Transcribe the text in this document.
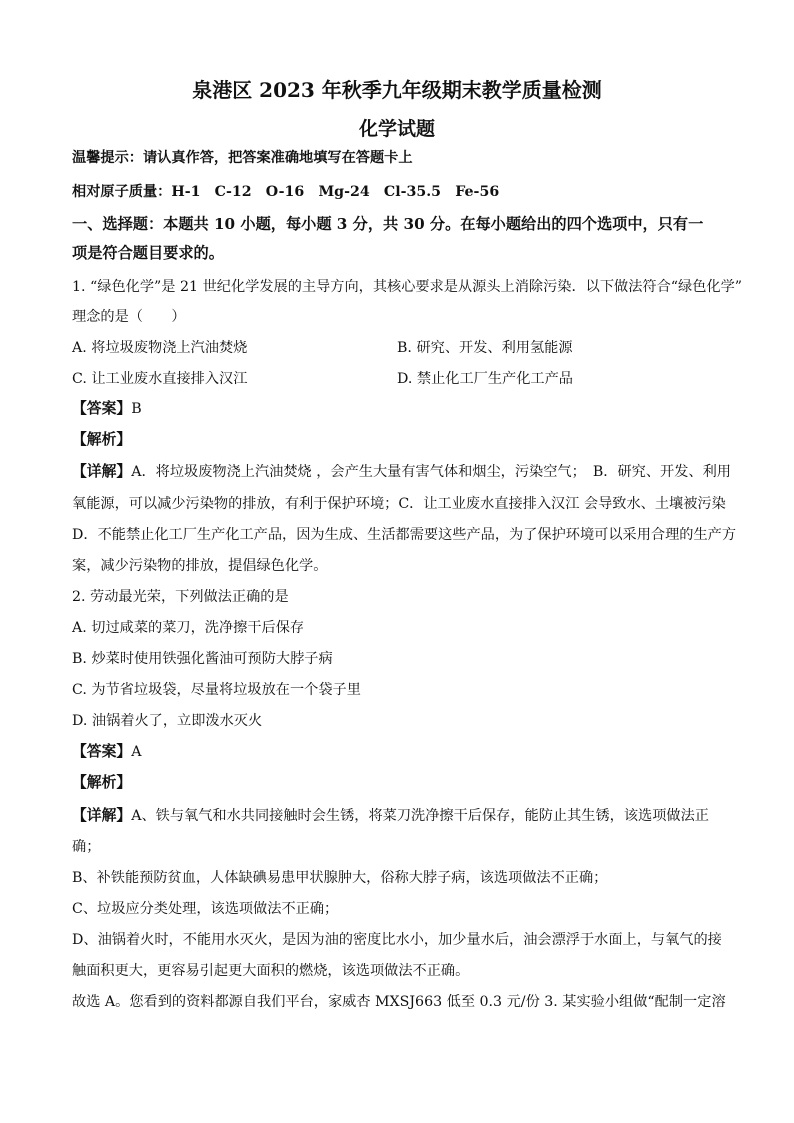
泉港区 2023 年秋季九年级期末教学质量检测
化学试题
温馨提示：请认真作答，把答案准确地填写在答题卡上
相对原子质量：H-1　C-12　O-16　Mg-24　Cl-35.5　Fe-56
一、选择题：本题共 10 小题，每小题 3 分，共 30 分。在每小题给出的四个选项中，只有一
项是符合题目要求的。
1. “绿色化学”是 21 世纪化学发展的主导方向，其核心要求是从源头上消除污染．以下做法符合“绿色化学”
理念的是（　　）
A. 将垃圾废物浇上汽油焚烧	B. 研究、开发、利用氢能源
C. 让工业废水直接排入汉江	D. 禁止化工厂生产化工产品
【答案】B
【解析】
【详解】A．将垃圾废物浇上汽油焚烧 ，会产生大量有害气体和烟尘，污染空气；　B．研究、开发、利用
氧能源，可以减少污染物的排放，有利于保护环境；C．让工业废水直接排入汉江 会导致水、土壤被污染
D．不能禁止化工厂生产化工产品，因为生成、生活都需要这些产品，为了保护环境可以采用合理的生产方
案，减少污染物的排放，提倡绿色化学。
2. 劳动最光荣，下列做法正确的是
A. 切过咸菜的菜刀，洗净擦干后保存
B. 炒菜时使用铁强化酱油可预防大脖子病
C. 为节省垃圾袋，尽量将垃圾放在一个袋子里
D. 油锅着火了，立即泼水灭火
【答案】A
【解析】
【详解】A、铁与氧气和水共同接触时会生锈，将菜刀洗净擦干后保存，能防止其生锈，该选项做法正
确；
B、补铁能预防贫血，人体缺碘易患甲状腺肿大，俗称大脖子病，该选项做法不正确；
C、垃圾应分类处理，该选项做法不正确；
D、油锅着火时，不能用水灭火，是因为油的密度比水小，加少量水后，油会漂浮于水面上，与氧气的接
触面积更大，更容易引起更大面积的燃烧，该选项做法不正确。
故选 A。您看到的资料都源自我们平台，家威杏 MXSJ663 低至 0.3 元/份 3. 某实验小组做“配制一定溶
